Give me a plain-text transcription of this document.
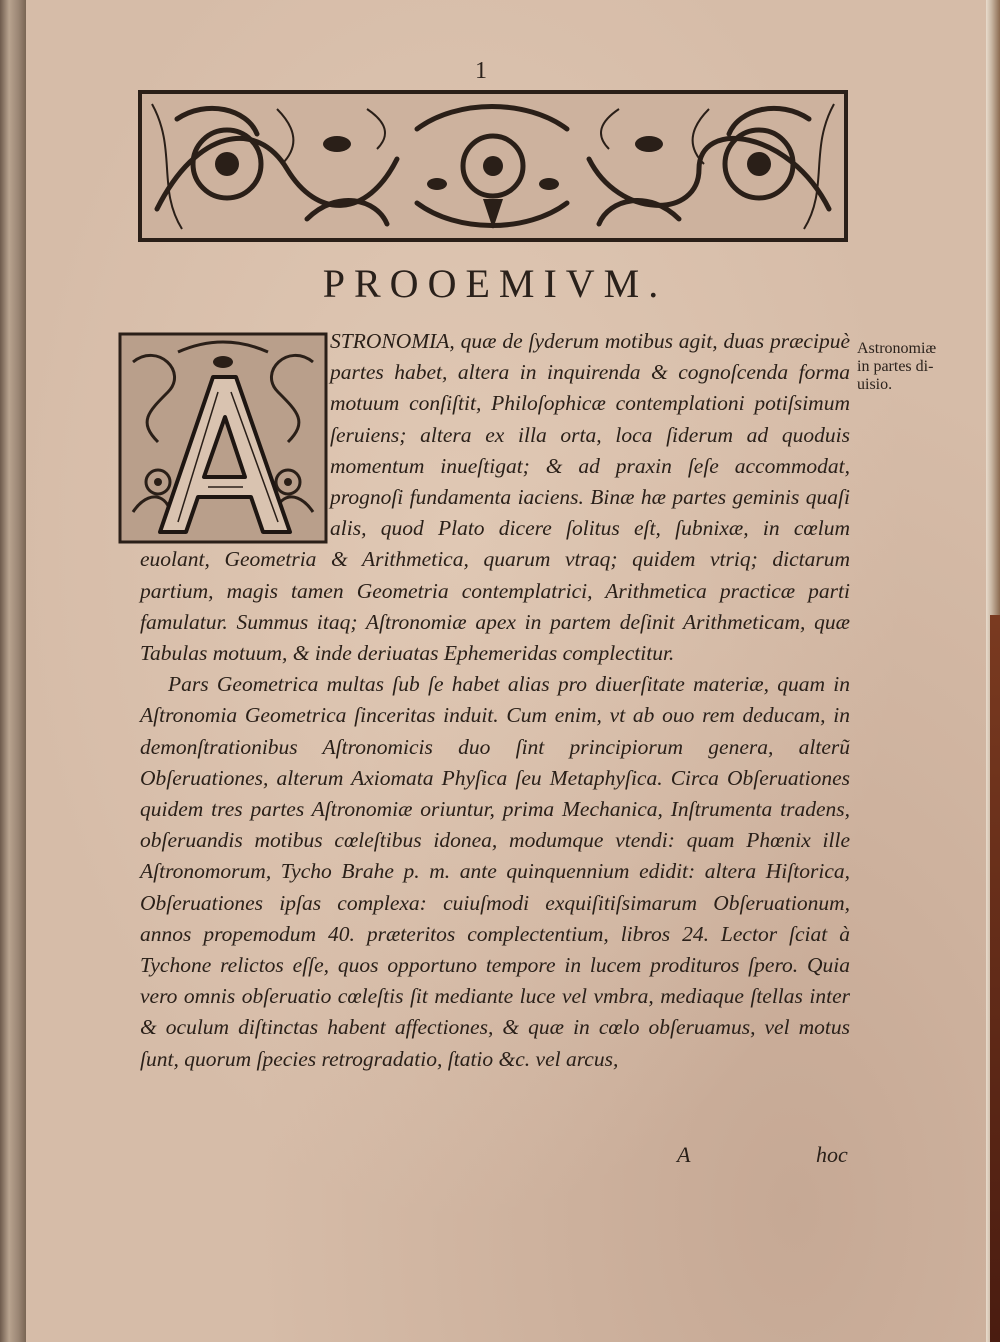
1
PROOEMIVM.
Astronomiæ
in partes di-
uisio.

STRONOMIA, quæ de ſyderum motibus agit, duas præcipuè partes habet, altera in inquirenda & cognoſcenda forma motuum conſiſtit, Philoſophicæ contemplationi potiſsimum ſeruiens; altera ex illa orta, loca ſiderum ad quoduis momentum inueſtigat; & ad praxin ſeſe accommodat, prognoſi fundamenta iaciens. Binæ hæ partes geminis quaſi alis, quod Plato dicere ſolitus eſt, ſubnixæ, in cœlum euolant, Geometria & Arithmetica, quarum vtraq; quidem vtriq; dictarum partium, magis tamen Geometria contemplatrici, Arithmetica practicæ parti famulatur. Summus itaq; Aſtronomiæ apex in partem deſinit Arithmeticam, quæ Tabulas motuum, & inde deriuatas Ephemeridas complectitur.

Pars Geometrica multas ſub ſe habet alias pro diuerſitate materiæ, quam in Aſtronomia Geometrica ſinceritas induit. Cum enim, vt ab ouo rem deducam, in demonſtrationibus Aſtronomicis duo ſint principiorum genera, alterũ Obſeruationes, alterum Axiomata Phyſica ſeu Metaphyſica. Circa Obſeruationes quidem tres partes Aſtronomiæ oriuntur, prima Mechanica, Inſtrumenta tradens, obſeruandis motibus cœleſtibus idonea, modumque vtendi: quam Phœnix ille Aſtronomorum, Tycho Brahe p. m. ante quinquennium edidit: altera Hiſtorica, Obſeruationes ipſas complexa: cuiuſmodi exquiſitiſsimarum Obſeruationum, annos propemodum 40. præteritos complectentium, libros 24. Lector ſciat à Tychone relictos eſſe, quos opportuno tempore in lucem prodituros ſpero. Quia vero omnis obſeruatio cœleſtis ſit mediante luce vel vmbra, mediaque ſtellas inter & oculum diſtinctas habent affectiones, & quæ in cœlo obſeruamus, vel motus ſunt, quorum ſpecies retrogradatio, ſtatio &c. vel arcus,

A	hoc
